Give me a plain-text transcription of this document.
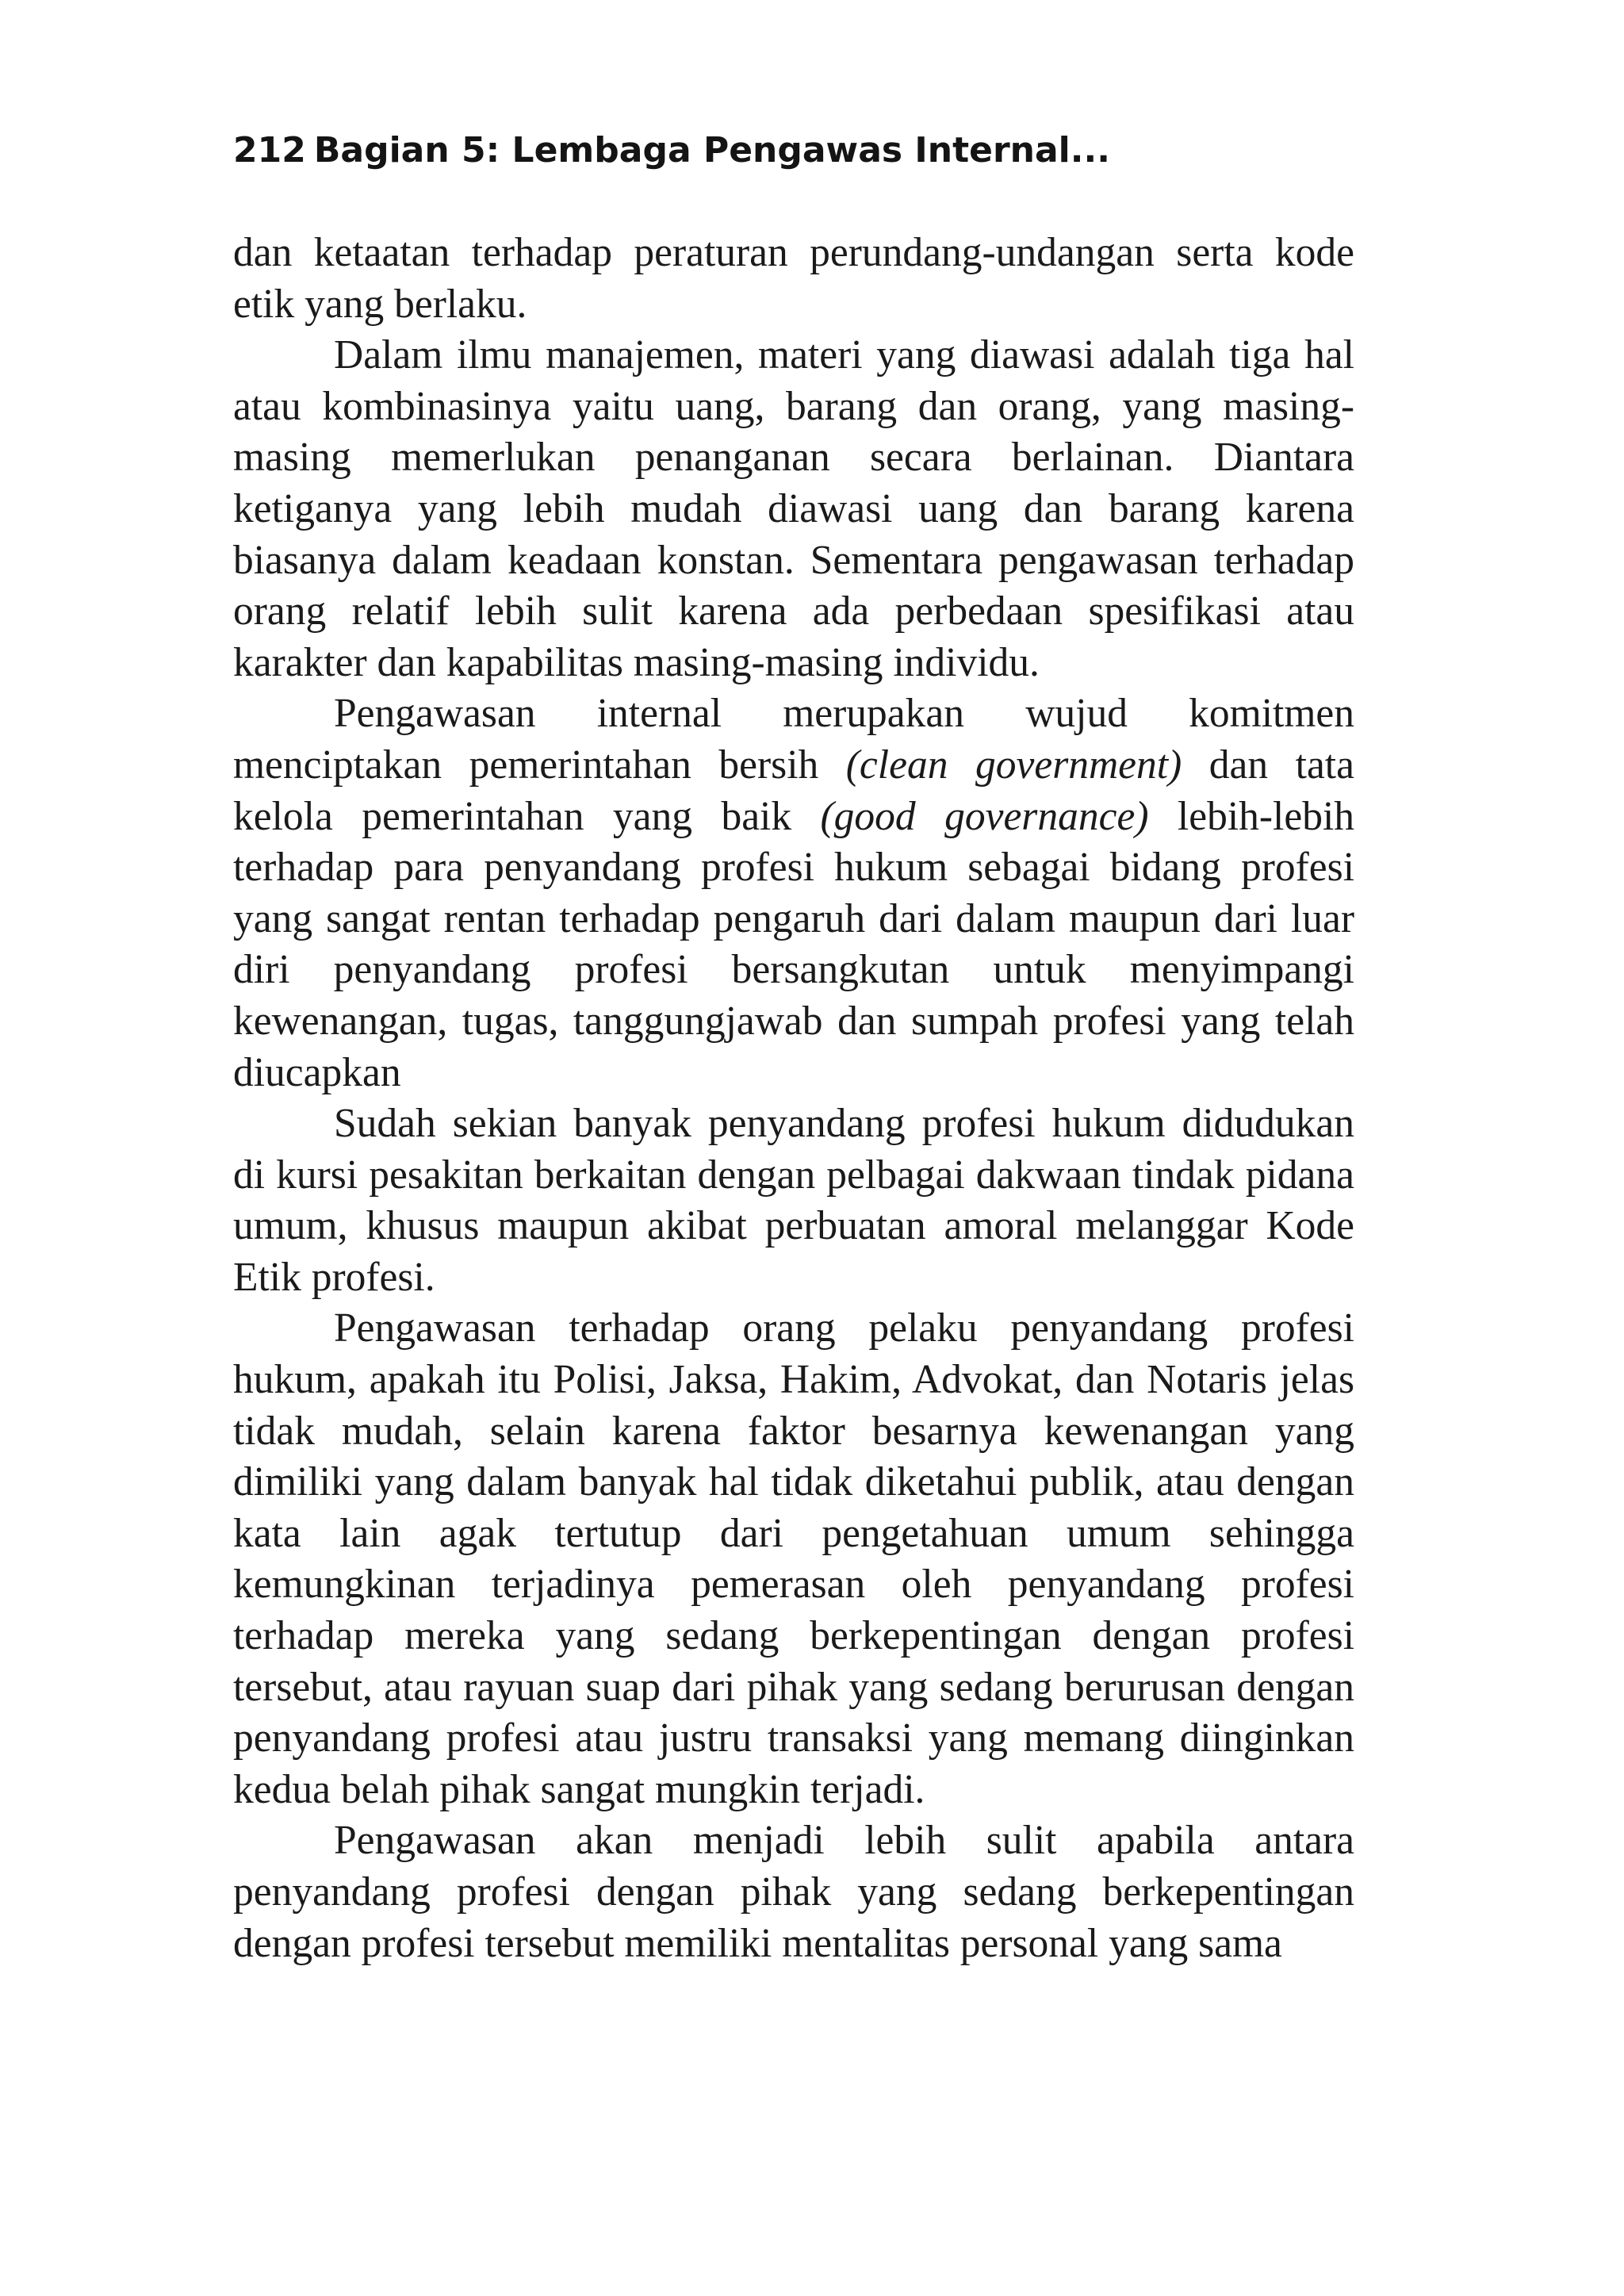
212 Bagian 5: Lembaga Pengawas Internal...

dan ketaatan terhadap peraturan perundang-undangan serta kode etik yang berlaku.

Dalam ilmu manajemen, materi yang diawasi adalah tiga hal atau kombinasinya yaitu uang, barang dan orang, yang masing-masing memerlukan penanganan secara berlainan. Diantara ketiganya yang lebih mudah diawasi uang dan barang karena biasanya dalam keadaan konstan. Sementara pengawasan terhadap orang relatif lebih sulit karena ada perbedaan spesifikasi atau karakter dan kapabilitas masing-masing individu.

Pengawasan internal merupakan wujud komitmen menciptakan pemerintahan bersih (clean government) dan tata kelola pemerintahan yang baik (good governance) lebih-lebih terhadap para penyandang profesi hukum sebagai bidang profesi yang sangat rentan terhadap pengaruh dari dalam maupun dari luar diri penyandang profesi bersangkutan untuk menyimpangi kewenangan, tugas, tanggungjawab dan sumpah profesi yang telah diucapkan

Sudah sekian banyak penyandang profesi hukum didudukan di kursi pesakitan berkaitan dengan pelbagai dakwaan tindak pidana umum, khusus maupun akibat perbuatan amoral melanggar Kode Etik profesi.

Pengawasan terhadap orang pelaku penyandang profesi hukum, apakah itu Polisi, Jaksa, Hakim, Advokat, dan Notaris jelas tidak mudah, selain karena faktor besarnya kewenangan yang dimiliki yang dalam banyak hal tidak diketahui publik, atau dengan kata lain agak tertutup dari pengetahuan umum sehingga kemungkinan terjadinya pemerasan oleh penyandang profesi terhadap mereka yang sedang berkepentingan dengan profesi tersebut, atau rayuan suap dari pihak yang sedang berurusan dengan penyandang profesi atau justru transaksi yang memang diinginkan kedua belah pihak sangat mungkin terjadi.

Pengawasan akan menjadi lebih sulit apabila antara penyandang profesi dengan pihak yang sedang berkepentingan dengan profesi tersebut memiliki mentalitas personal yang sama
